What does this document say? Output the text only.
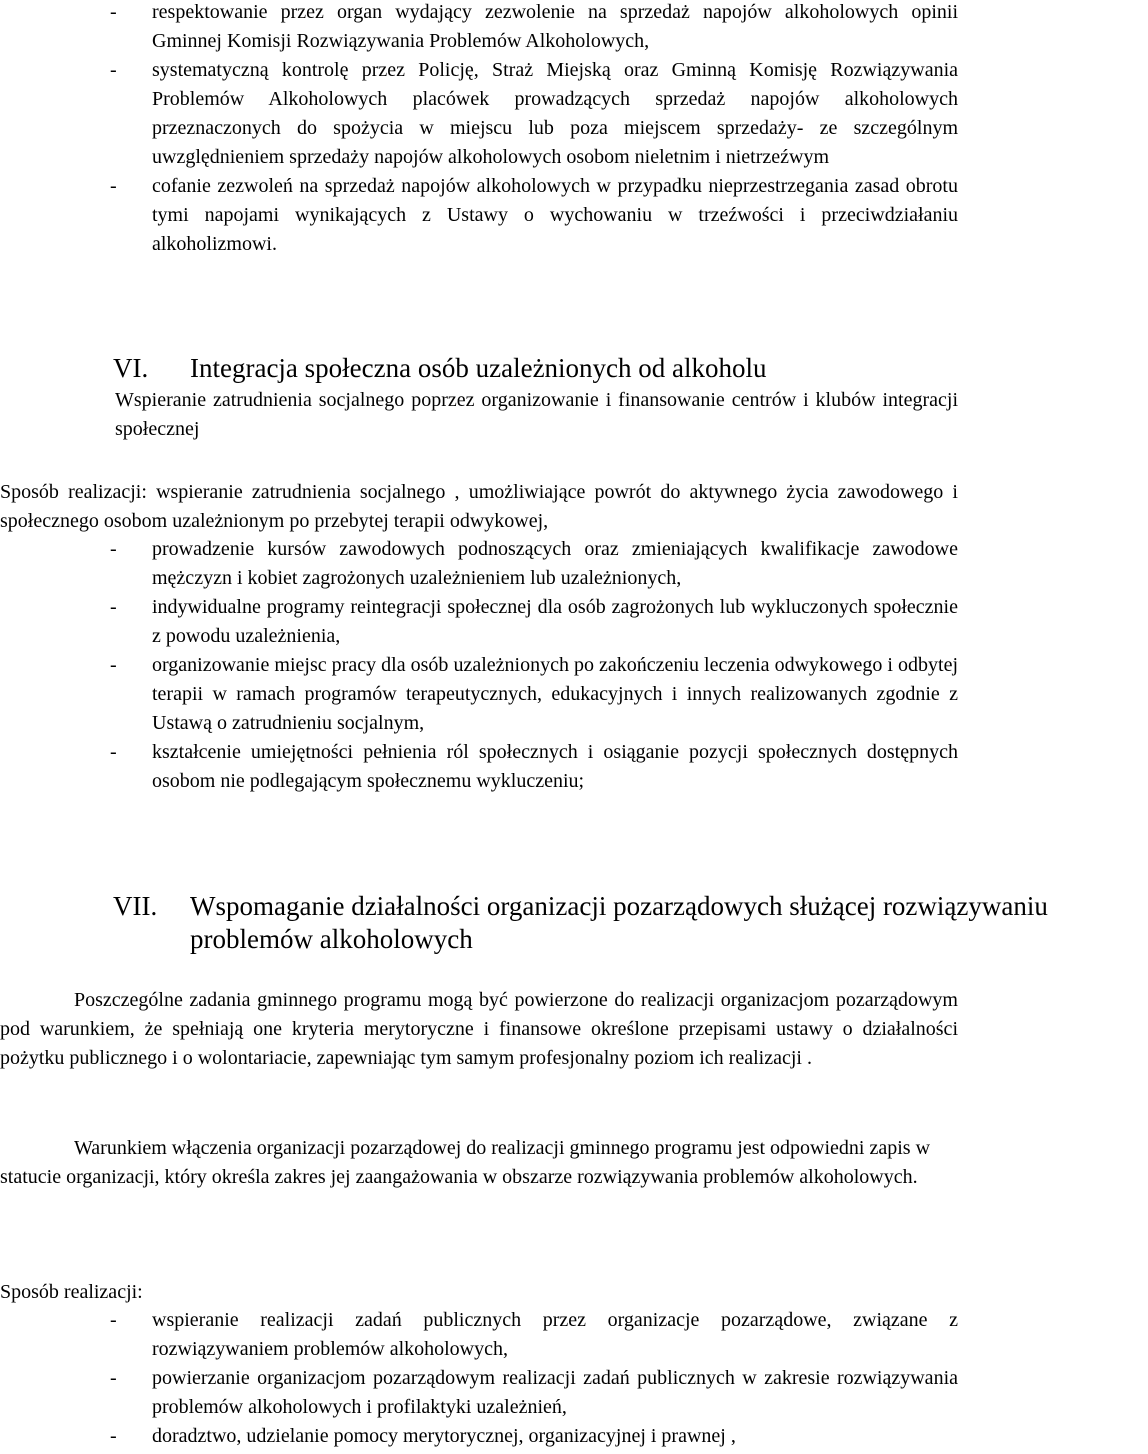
- respektowanie przez organ wydający zezwolenie na sprzedaż napojów alkoholowych opinii Gminnej Komisji Rozwiązywania Problemów Alkoholowych,
- systematyczną kontrolę przez Policję, Straż Miejską oraz Gminną Komisję Rozwiązywania Problemów Alkoholowych placówek prowadzących sprzedaż napojów alkoholowych przeznaczonych do spożycia w miejscu lub poza miejscem sprzedaży- ze szczególnym uwzględnieniem sprzedaży napojów alkoholowych osobom nieletnim i nietrzeźwym
- cofanie zezwoleń na sprzedaż napojów alkoholowych w przypadku nieprzestrzegania zasad obrotu tymi napojami wynikających z Ustawy o wychowaniu w trzeźwości i przeciwdziałaniu alkoholizmowi.
VI. Integracja społeczna osób uzależnionych od alkoholu
Wspieranie zatrudnienia socjalnego poprzez organizowanie i finansowanie centrów i klubów integracji społecznej
Sposób realizacji: wspieranie zatrudnienia socjalnego , umożliwiające powrót do aktywnego życia zawodowego i społecznego osobom uzależnionym po przebytej terapii odwykowej,
- prowadzenie kursów zawodowych podnoszących oraz zmieniających kwalifikacje zawodowe mężczyzn i kobiet zagrożonych uzależnieniem lub uzależnionych,
- indywidualne programy reintegracji społecznej dla osób zagrożonych lub wykluczonych społecznie z powodu uzależnienia,
- organizowanie miejsc pracy dla osób uzależnionych po zakończeniu leczenia odwykowego i odbytej terapii w ramach programów terapeutycznych, edukacyjnych i innych realizowanych zgodnie z Ustawą o zatrudnieniu socjalnym,
- kształcenie umiejętności pełnienia ról społecznych i osiąganie pozycji społecznych dostępnych osobom nie podlegającym społecznemu wykluczeniu;
VII. Wspomaganie działalności organizacji pozarządowych służącej rozwiązywaniu problemów alkoholowych
Poszczególne zadania gminnego programu mogą być powierzone do realizacji organizacjom pozarządowym pod warunkiem, że spełniają one kryteria merytoryczne i finansowe określone przepisami ustawy o działalności pożytku publicznego i o wolontariacie, zapewniając tym samym profesjonalny poziom ich realizacji .
Warunkiem włączenia organizacji pozarządowej do realizacji gminnego programu jest odpowiedni zapis w statucie organizacji, który określa zakres jej zaangażowania w obszarze rozwiązywania problemów alkoholowych.
Sposób realizacji:
- wspieranie realizacji zadań publicznych przez organizacje pozarządowe, związane z rozwiązywaniem problemów alkoholowych,
- powierzanie organizacjom pozarządowym realizacji zadań publicznych w zakresie rozwiązywania problemów alkoholowych i profilaktyki uzależnień,
- doradztwo, udzielanie pomocy merytorycznej, organizacyjnej i prawnej ,
